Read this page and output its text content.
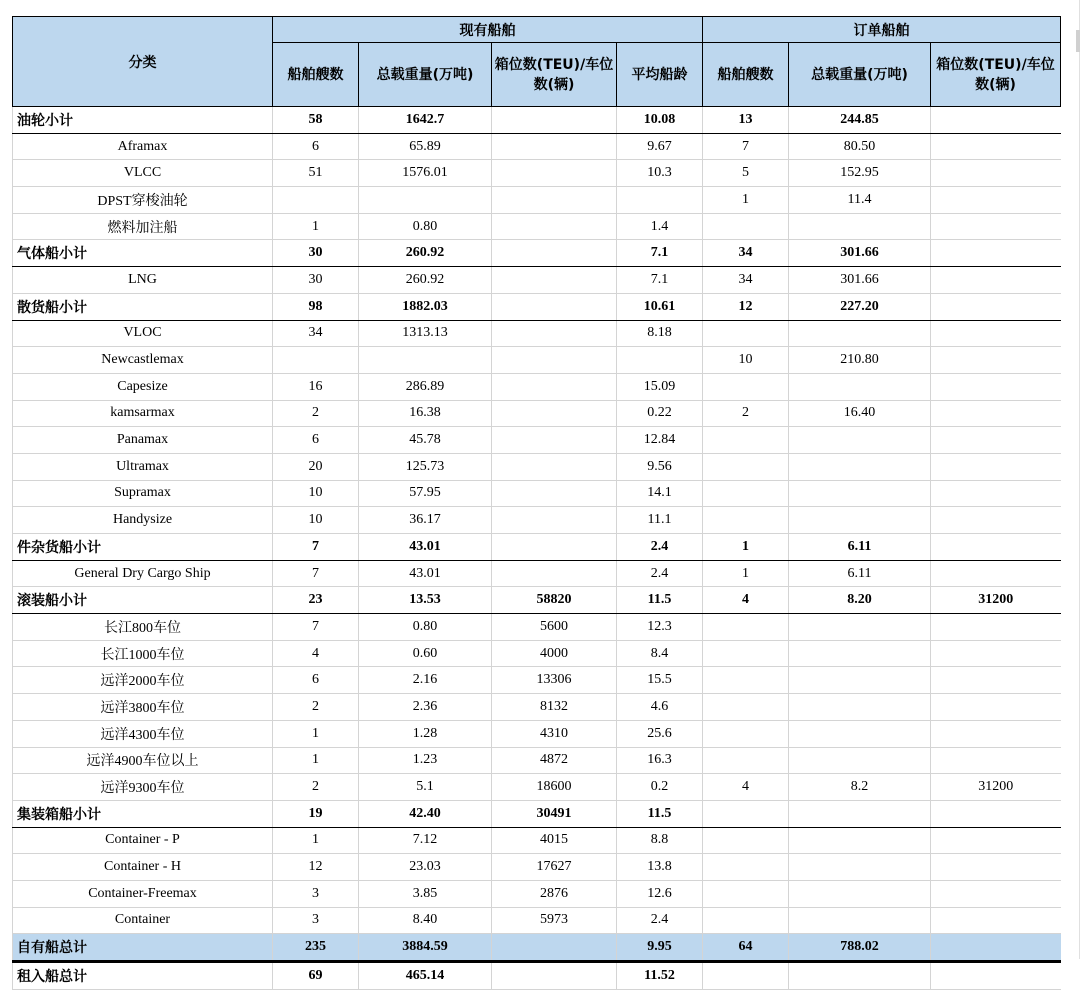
分类	现有船舶				订单船舶		
	船舶艘数	总载重量(万吨)	箱位数(TEU)/车位数(辆)	平均船龄	船舶艘数	总载重量(万吨)	箱位数(TEU)/车位数(辆)
油轮小计	58	1642.7		10.08	13	244.85	
Aframax	6	65.89		9.67	7	80.50	
VLCC	51	1576.01		10.3	5	152.95	
DPST穿梭油轮					1	11.4	
燃料加注船	1	0.80		1.4			
气体船小计	30	260.92		7.1	34	301.66	
LNG	30	260.92		7.1	34	301.66	
散货船小计	98	1882.03		10.61	12	227.20	
VLOC	34	1313.13		8.18			
Newcastlemax					10	210.80	
Capesize	16	286.89		15.09			
kamsarmax	2	16.38		0.22	2	16.40	
Panamax	6	45.78		12.84			
Ultramax	20	125.73		9.56			
Supramax	10	57.95		14.1			
Handysize	10	36.17		11.1			
件杂货船小计	7	43.01		2.4	1	6.11	
General Dry Cargo Ship	7	43.01		2.4	1	6.11	
滚装船小计	23	13.53	58820	11.5	4	8.20	31200
长江800车位	7	0.80	5600	12.3			
长江1000车位	4	0.60	4000	8.4			
远洋2000车位	6	2.16	13306	15.5			
远洋3800车位	2	2.36	8132	4.6			
远洋4300车位	1	1.28	4310	25.6			
远洋4900车位以上	1	1.23	4872	16.3			
远洋9300车位	2	5.1	18600	0.2	4	8.2	31200
集装箱船小计	19	42.40	30491	11.5			
Container - P	1	7.12	4015	8.8			
Container - H	12	23.03	17627	13.8			
Container-Freemax	3	3.85	2876	12.6			
Container	3	8.40	5973	2.4			
自有船总计	235	3884.59		9.95	64	788.02	
租入船总计	69	465.14		11.52			
